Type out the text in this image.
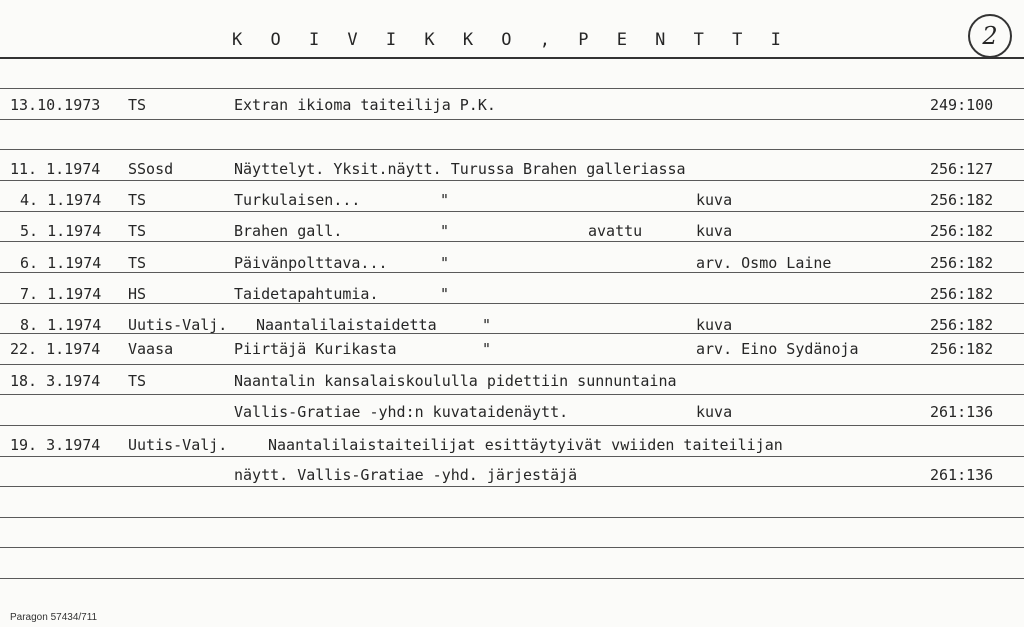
K O I V I K K O , P E N T T I	2
13.10.1973 TS	Extran ikioma taiteilija P.K.	249:100
11. 1.1974 SSosd	Näyttelyt. Yksit.näytt. Turussa Brahen galleriassa	256:127
4. 1.1974 TS	Turkulaisen...	"	kuva	256:182
5. 1.1974 TS	Brahen gall.	"	avattu	kuva	256:182
6. 1.1974 TS	Päivänpolttava...	"	arv. Osmo Laine	256:182
7. 1.1974 HS	Taidetapahtumia.	"	256:182
8. 1.1974 Uutis-Valj. Naantalilaistaidetta	"	kuva	256:182
22. 1.1974 Vaasa	Piirtäjä Kurikasta	"	arv. Eino Sydänoja	256:182
18. 3.1974 TS	Naantalin kansalaiskoululla pidettiin sunnuntaina
Vallis-Gratiae -yhd:n kuvataidenäytt.	kuva	261:136
19. 3.1974 Uutis-Valj.	Naantalilaistaiteilijat esittäytyivät vwiiden taiteilijan
näytt. Vallis-Gratiae -yhd. järjestäjä	261:136
Paragon 57434/711
